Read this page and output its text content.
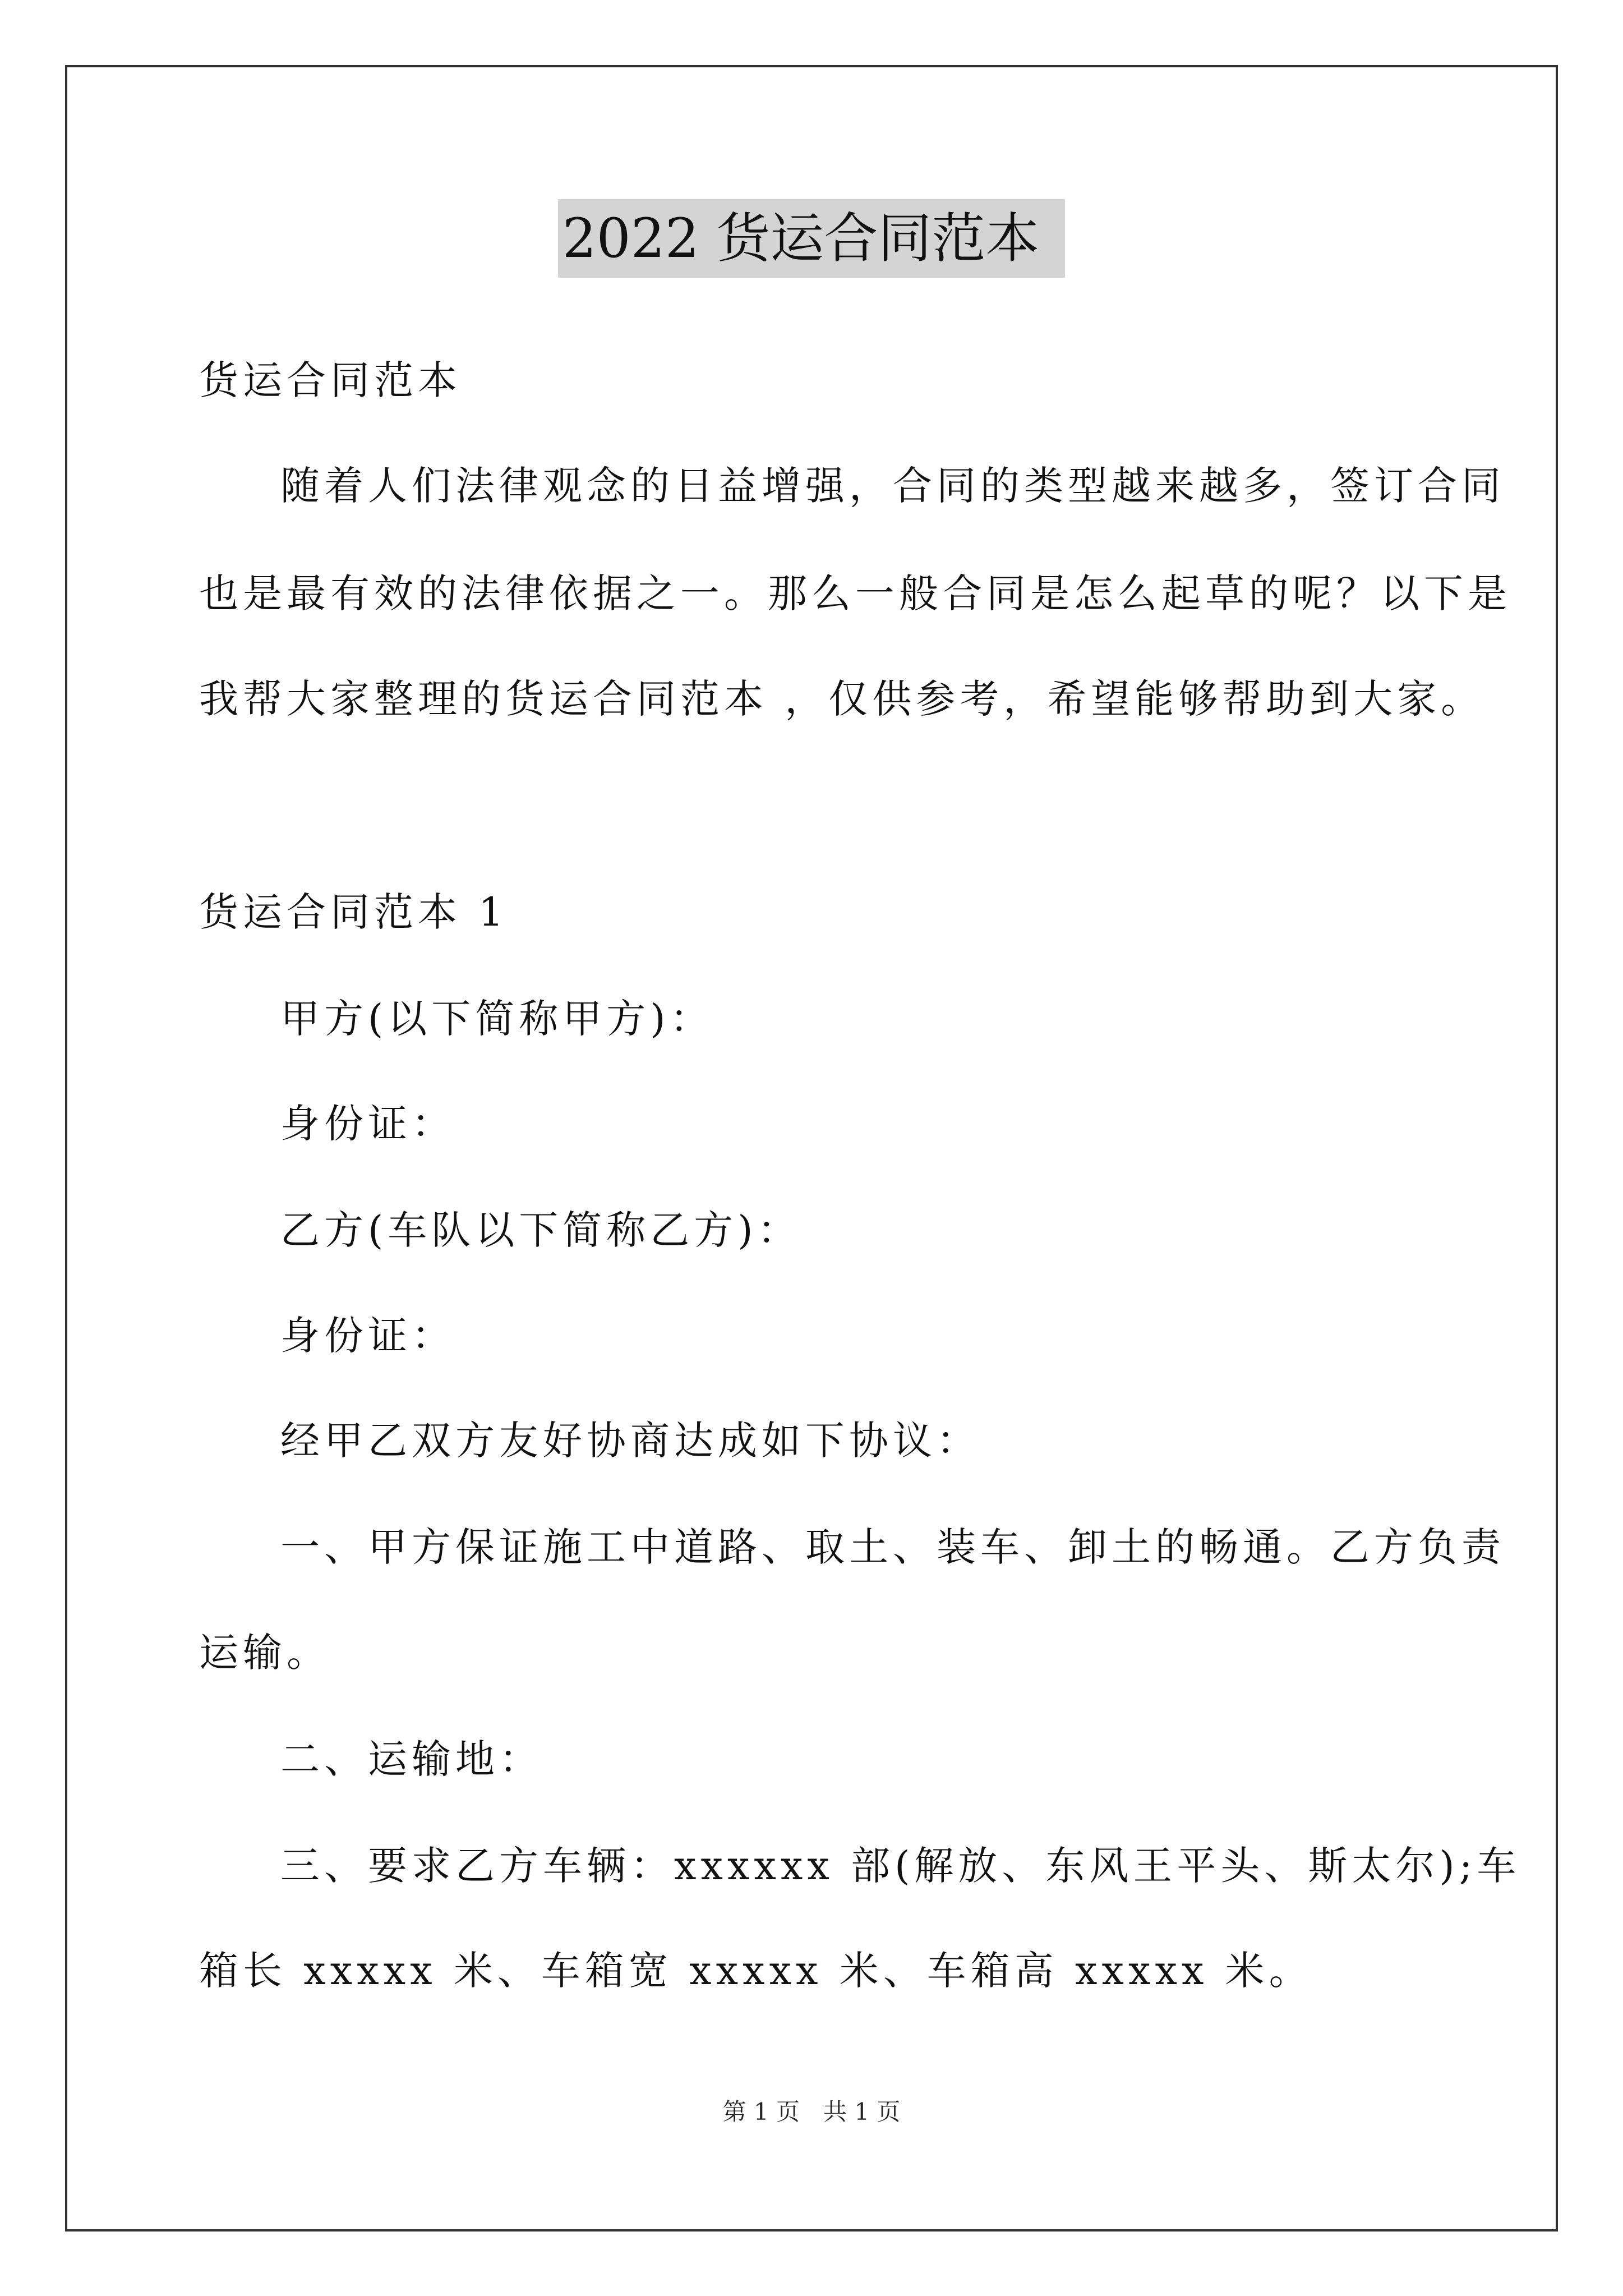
2022 货运合同范本

货运合同范本

随着人们法律观念的日益增强，合同的类型越来越多，签订合同

也是最有效的法律依据之一。那么一般合同是怎么起草的呢？以下是

我帮大家整理的货运合同范本 ，仅供参考，希望能够帮助到大家。

货运合同范本 1

甲方(以下简称甲方)：

身份证：

乙方(车队以下简称乙方)：

身份证：

经甲乙双方友好协商达成如下协议：

一、甲方保证施工中道路、取土、装车、卸土的畅通。乙方负责

运输。

二、运输地：

三、要求乙方车辆：xxxxxx 部(解放、东风王平头、斯太尔);车

箱长 xxxxx 米、车箱宽 xxxxx 米、车箱高 xxxxx 米。

第 1 页　共 1 页
